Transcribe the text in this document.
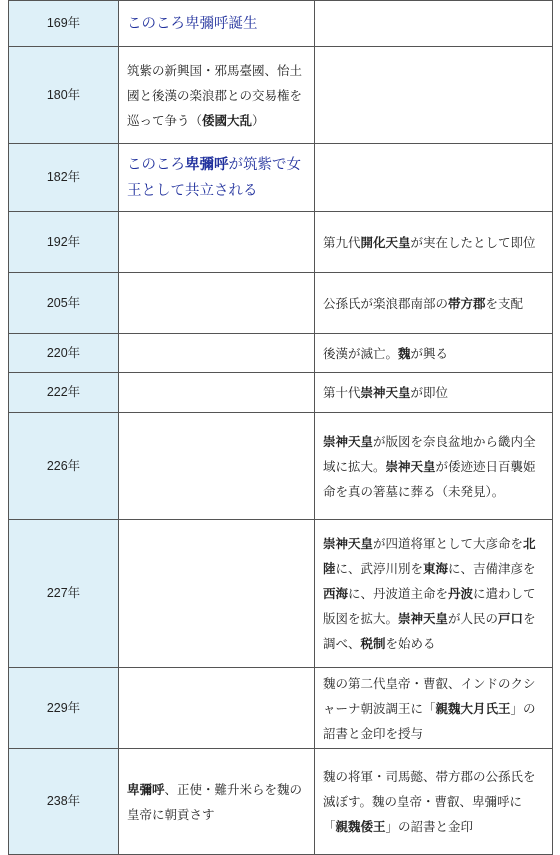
169年	このころ卑彌呼誕生	
180年	筑紫の新興国・邪馬臺國、怡土國と後漢の楽浪郡との交易権を巡って争う（倭國大乱）	
182年	このころ卑彌呼が筑紫で女王として共立される	
192年		第九代開化天皇が実在したとして即位
205年		公孫氏が楽浪郡南部の帯方郡を支配
220年		後漢が滅亡。魏が興る
222年		第十代崇神天皇が即位
226年		崇神天皇が版図を奈良盆地から畿内全域に拡大。崇神天皇が倭迹迹日百襲姫命を真の箸墓に葬る（未発見）。
227年		崇神天皇が四道将軍として大彦命を北陸に、武渟川別を東海に、吉備津彦を西海に、丹波道主命を丹波に遣わして版図を拡大。崇神天皇が人民の戸口を調べ、税制を始める
229年		魏の第二代皇帝・曹叡、インドのクシャーナ朝波調王に「親魏大月氏王」の詔書と金印を授与
238年	卑彌呼、正使・難升米らを魏の皇帝に朝貢さす	魏の将軍・司馬懿、帯方郡の公孫氏を滅ぼす。魏の皇帝・曹叡、卑彌呼に「親魏倭王」の詔書と金印
